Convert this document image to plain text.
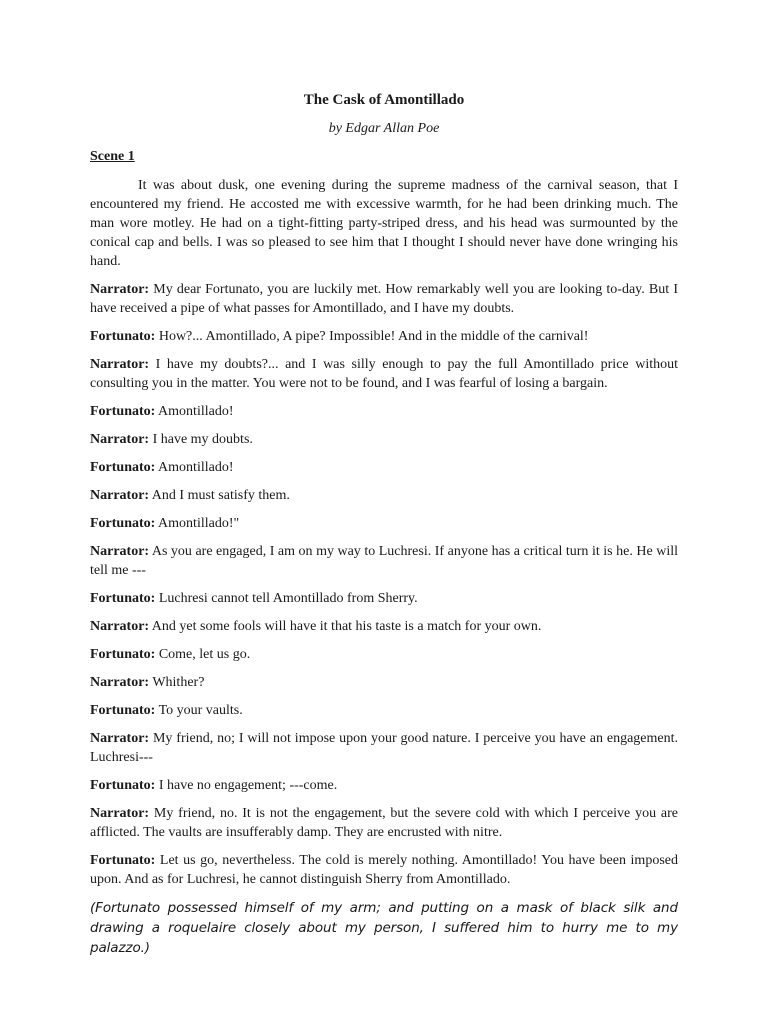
The Cask of Amontillado
by Edgar Allan Poe
Scene 1

It was about dusk, one evening during the supreme madness of the carnival season, that I encountered my friend. He accosted me with excessive warmth, for he had been drinking much. The man wore motley. He had on a tight-fitting party-striped dress, and his head was surmounted by the conical cap and bells. I was so pleased to see him that I thought I should never have done wringing his hand.

Narrator: My dear Fortunato, you are luckily met. How remarkably well you are looking to-day. But I have received a pipe of what passes for Amontillado, and I have my doubts.

Fortunato: How?... Amontillado, A pipe? Impossible! And in the middle of the carnival!

Narrator: I have my doubts?... and I was silly enough to pay the full Amontillado price without consulting you in the matter. You were not to be found, and I was fearful of losing a bargain.

Fortunato: Amontillado!

Narrator: I have my doubts.

Fortunato: Amontillado!

Narrator: And I must satisfy them.

Fortunato: Amontillado!"

Narrator: As you are engaged, I am on my way to Luchresi. If anyone has a critical turn it is he. He will tell me ---

Fortunato: Luchresi cannot tell Amontillado from Sherry.

Narrator: And yet some fools will have it that his taste is a match for your own.

Fortunato: Come, let us go.

Narrator: Whither?

Fortunato: To your vaults.

Narrator: My friend, no; I will not impose upon your good nature. I perceive you have an engagement. Luchresi---

Fortunato: I have no engagement; ---come.

Narrator: My friend, no. It is not the engagement, but the severe cold with which I perceive you are afflicted. The vaults are insufferably damp. They are encrusted with nitre.

Fortunato: Let us go, nevertheless. The cold is merely nothing. Amontillado! You have been imposed upon. And as for Luchresi, he cannot distinguish Sherry from Amontillado.

(Fortunato possessed himself of my arm; and putting on a mask of black silk and drawing a roquelaire closely about my person, I suffered him to hurry me to my palazzo.)
